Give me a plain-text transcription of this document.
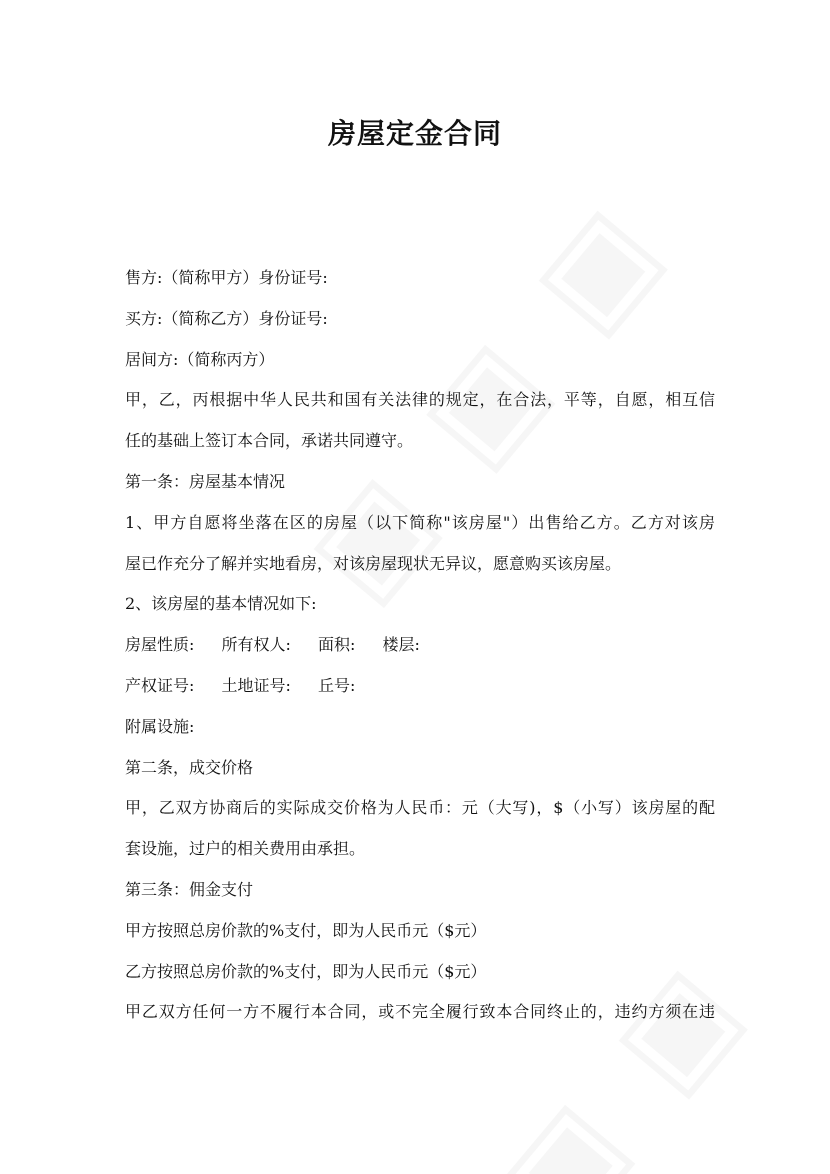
房屋定金合同
售方:（简称甲方）身份证号:
买方:（简称乙方）身份证号:
居间方:（简称丙方）
甲，乙，丙根据中华人民共和国有关法律的规定，在合法，平等，自愿，相互信
任的基础上签订本合同，承诺共同遵守。
第一条：房屋基本情况
1、甲方自愿将坐落在区的房屋（以下简称"该房屋"）出售给乙方。乙方对该房
屋已作充分了解并实地看房，对该房屋现状无异议，愿意购买该房屋。
2、该房屋的基本情况如下:
房屋性质: 所有权人: 面积: 楼层:
产权证号: 土地证号: 丘号:
附属设施:
第二条，成交价格
甲，乙双方协商后的实际成交价格为人民币：元（大写)，$（小写）该房屋的配
套设施，过户的相关费用由承担。
第三条：佣金支付
甲方按照总房价款的%支付，即为人民币元（$元）
乙方按照总房价款的%支付，即为人民币元（$元）
甲乙双方任何一方不履行本合同，或不完全履行致本合同终止的，违约方须在违
